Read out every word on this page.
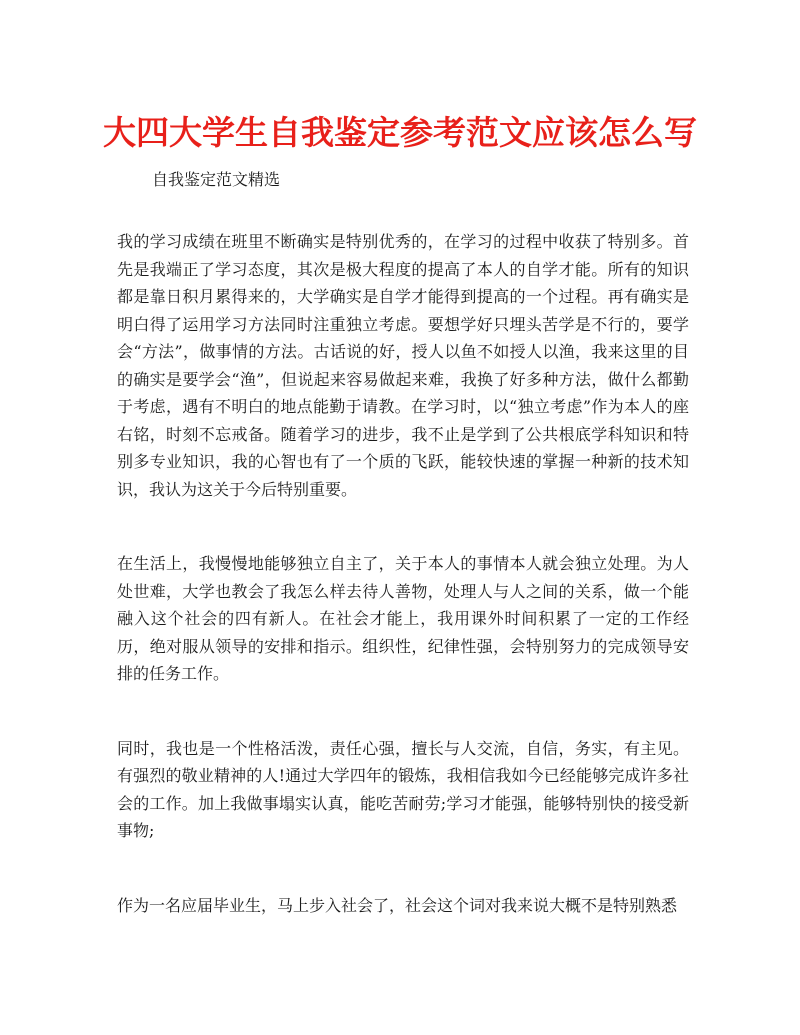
大四大学生自我鉴定参考范文应该怎么写

自我鉴定范文精选

我的学习成绩在班里不断确实是特别优秀的，在学习的过程中收获了特别多。首先是我端正了学习态度，其次是极大程度的提高了本人的自学才能。所有的知识都是靠日积月累得来的，大学确实是自学才能得到提高的一个过程。再有确实是明白得了运用学习方法同时注重独立考虑。要想学好只埋头苦学是不行的，要学会“方法”，做事情的方法。古话说的好，授人以鱼不如授人以渔，我来这里的目的确实是要学会“渔”，但说起来容易做起来难，我换了好多种方法，做什么都勤于考虑，遇有不明白的地点能勤于请教。在学习时，以“独立考虑”作为本人的座右铭，时刻不忘戒备。随着学习的进步，我不止是学到了公共根底学科知识和特别多专业知识，我的心智也有了一个质的飞跃，能较快速的掌握一种新的技术知识，我认为这关于今后特别重要。

在生活上，我慢慢地能够独立自主了，关于本人的事情本人就会独立处理。为人处世难，大学也教会了我怎么样去待人善物，处理人与人之间的关系，做一个能融入这个社会的四有新人。在社会才能上，我用课外时间积累了一定的工作经历，绝对服从领导的安排和指示。组织性，纪律性强，会特别努力的完成领导安排的任务工作。

同时，我也是一个性格活泼，责任心强，擅长与人交流，自信，务实，有主见。有强烈的敬业精神的人!通过大学四年的锻炼，我相信我如今已经能够完成许多社会的工作。加上我做事塌实认真，能吃苦耐劳;学习才能强，能够特别快的接受新事物;

作为一名应届毕业生，马上步入社会了，社会这个词对我来说大概不是特别熟悉
